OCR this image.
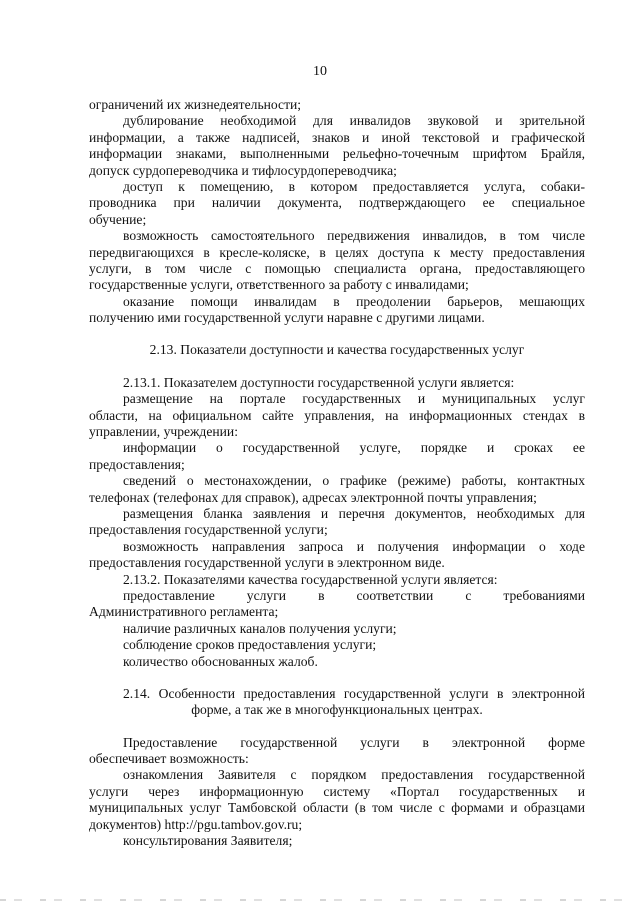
10
ограничений их жизнедеятельности;
дублирование необходимой для инвалидов звуковой и зрительной
информации, а также надписей, знаков и иной текстовой и графической
информации знаками, выполненными рельефно-точечным шрифтом Брайля,
допуск сурдопереводчика и тифлосурдопереводчика;
доступ к помещению, в котором предоставляется услуга, собаки-
проводника при наличии документа, подтверждающего ее специальное
обучение;
возможность самостоятельного передвижения инвалидов, в том числе
передвигающихся в кресле-коляске, в целях доступа к месту предоставления
услуги, в том числе с помощью специалиста органа, предоставляющего
государственные услуги, ответственного за работу с инвалидами;
оказание помощи инвалидам в преодолении барьеров, мешающих
получению ими государственной услуги наравне с другими лицами.
2.13. Показатели доступности и качества государственных услуг
2.13.1. Показателем доступности государственной услуги является:
размещение на портале государственных и муниципальных услуг
области, на официальном сайте управления, на информационных стендах в
управлении, учреждении:
информации о государственной услуге, порядке и сроках ее
предоставления;
сведений о местонахождении, о графике (режиме) работы, контактных
телефонах (телефонах для справок), адресах электронной почты управления;
размещения бланка заявления и перечня документов, необходимых для
предоставления государственной услуги;
возможность направления запроса и получения информации о ходе
предоставления государственной услуги в электронном виде.
2.13.2. Показателями качества государственной услуги является:
предоставление услуги в соответствии с требованиями
Административного регламента;
наличие различных каналов получения услуги;
соблюдение сроков предоставления услуги;
количество обоснованных жалоб.
2.14. Особенности предоставления государственной услуги в электронной
форме, а так же в многофункциональных центрах.
Предоставление государственной услуги в электронной форме
обеспечивает возможность:
ознакомления Заявителя с порядком предоставления государственной
услуги через информационную систему «Портал государственных и
муниципальных услуг Тамбовской области (в том числе с формами и образцами
документов) http://pgu.tambov.gov.ru;
консультирования Заявителя;
